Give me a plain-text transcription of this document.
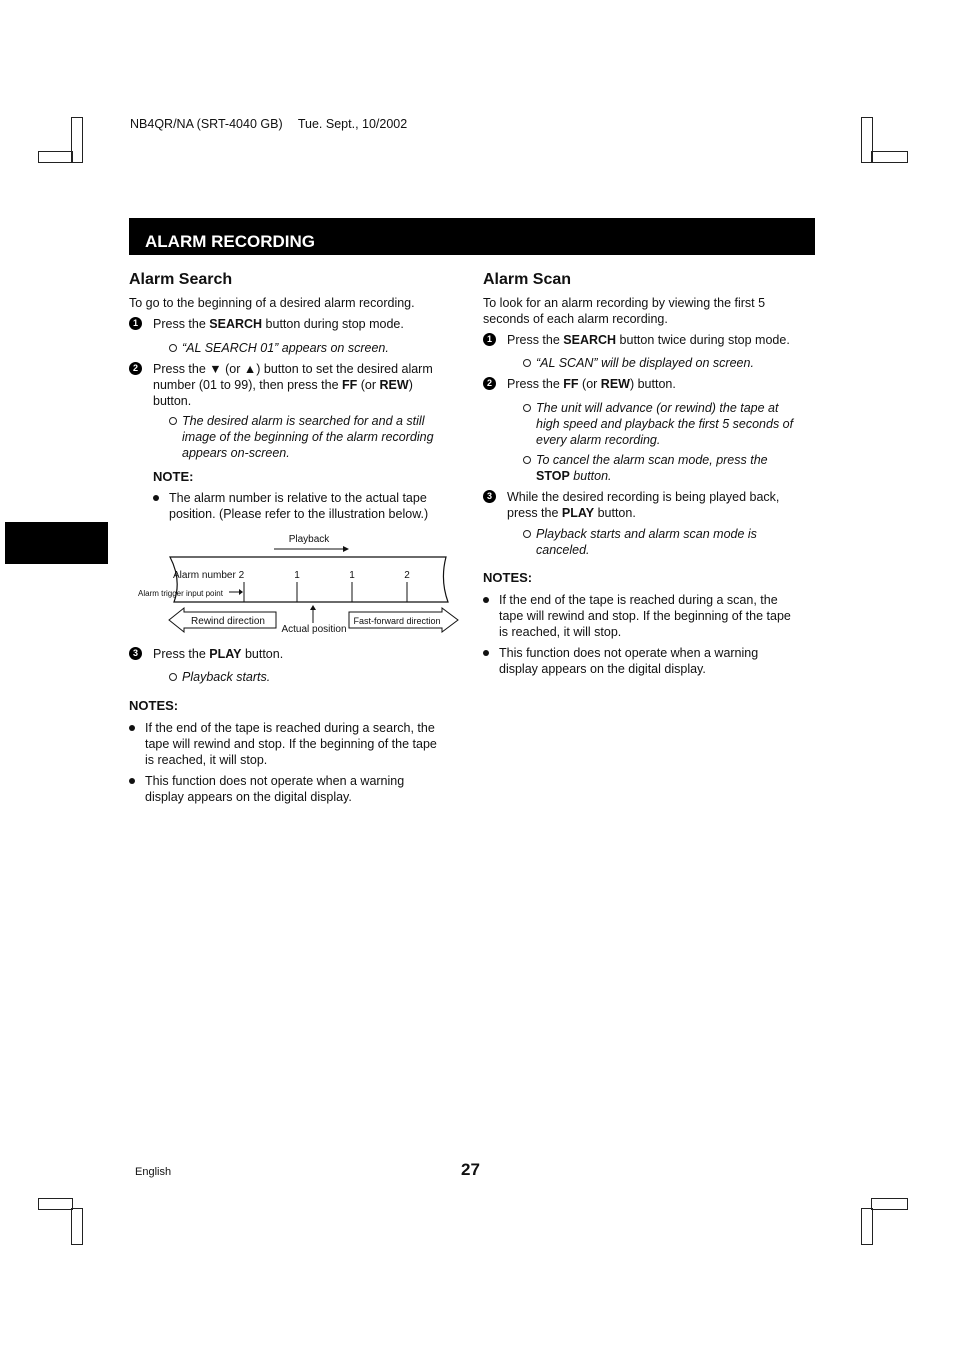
NB4QR/NA (SRT-4040 GB) Tue. Sept., 10/2002
ALARM RECORDING
Alarm Search
To go to the beginning of a desired alarm recording.
1	Press the SEARCH button during stop mode.
“AL SEARCH 01” appears on screen.
2	Press the ▼ (or ▲) button to set the desired alarm
number (01 to 99), then press the FF (or REW)
button.
The desired alarm is searched for and a still
image of the beginning of the alarm recording
appears on-screen.
NOTE:
The alarm number is relative to the actual tape
position. (Please refer to the illustration below.)
3	Press the PLAY button.
Playback starts.
NOTES:
If the end of the tape is reached during a search, the
tape will rewind and stop. If the beginning of the tape
is reached, it will stop.
This function does not operate when a warning
display appears on the digital display.
Playback
Alarm number 2	1	1	2
Alarm trigger input point
Rewind direction	Fast-forward direction
Actual position
Alarm Scan
To look for an alarm recording by viewing the first 5
seconds of each alarm recording.
1	Press the SEARCH button twice during stop mode.
“AL SCAN” will be displayed on screen.
2	Press the FF (or REW) button.
The unit will advance (or rewind) the tape at
high speed and playback the first 5 seconds of
every alarm recording.
To cancel the alarm scan mode, press the
STOP button.
3	While the desired recording is being played back,
press the PLAY button.
Playback starts and alarm scan mode is
canceled.
NOTES:
If the end of the tape is reached during a scan, the
tape will rewind and stop. If the beginning of the tape
is reached, it will stop.
This function does not operate when a warning
display appears on the digital display.
English	27
